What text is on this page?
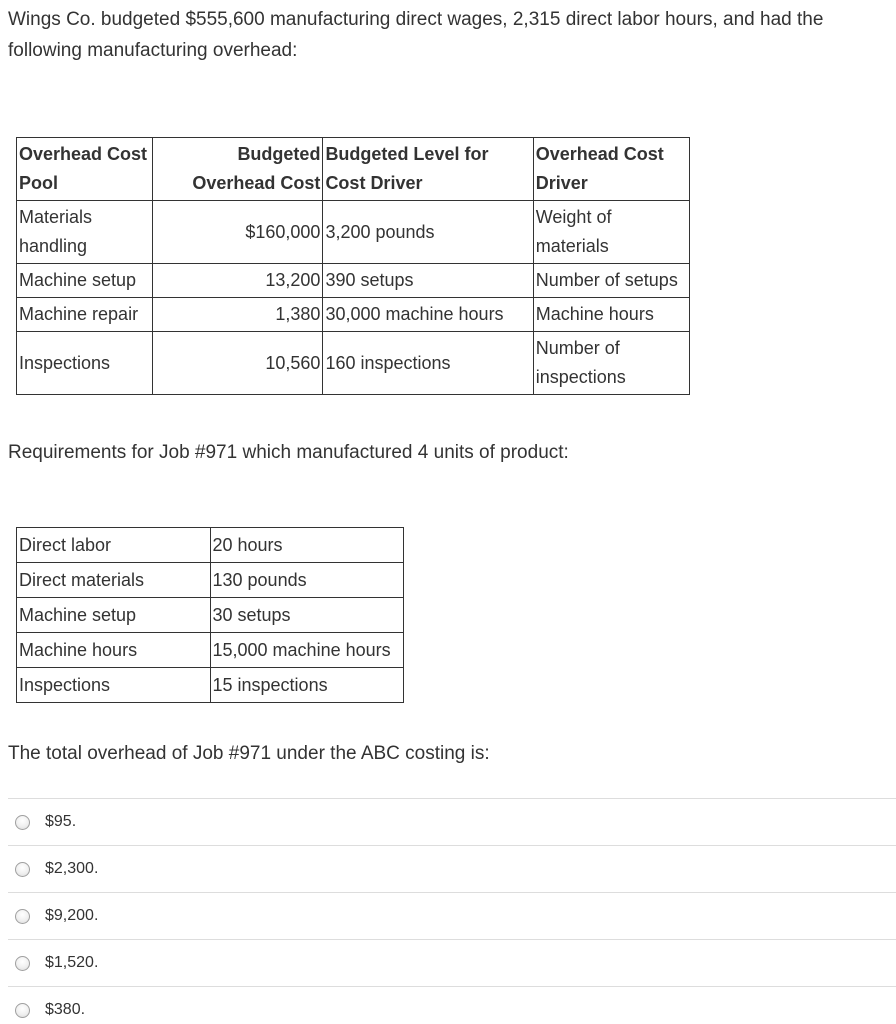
Wings Co. budgeted $555,600 manufacturing direct wages, 2,315 direct labor hours, and had the following manufacturing overhead:
Overhead Cost Pool	Budgeted Overhead Cost	Budgeted Level for Cost Driver	Overhead Cost Driver
Materials handling	$160,000	3,200 pounds	Weight of materials
Machine setup	13,200	390 setups	Number of setups
Machine repair	1,380	30,000 machine hours	Machine hours
Inspections	10,560	160 inspections	Number of inspections
Requirements for Job #971 which manufactured 4 units of product:
Direct labor	20 hours
Direct materials	130 pounds
Machine setup	30 setups
Machine hours	15,000 machine hours
Inspections	15 inspections
The total overhead of Job #971 under the ABC costing is:
$95.
$2,300.
$9,200.
$1,520.
$380.
